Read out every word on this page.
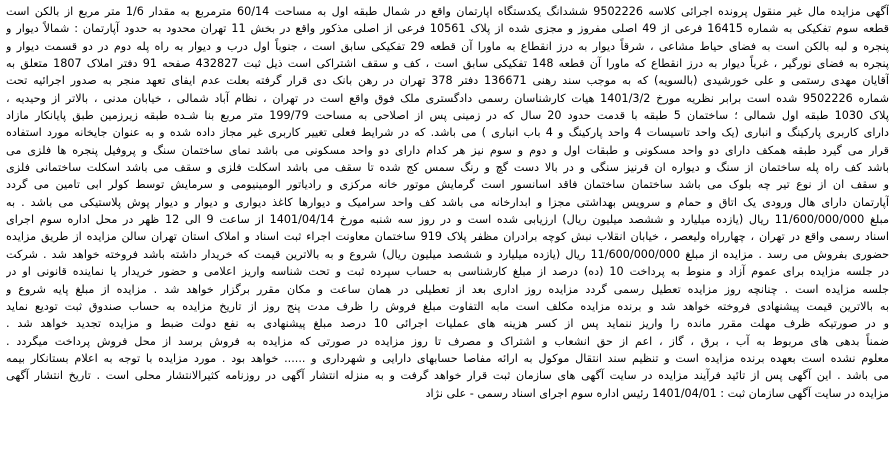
آگهی مزایده مال غیر منقول پرونده اجرائی کلاسه 9502226 ششدانگ یکدستگاه اپارتمان واقع در شمال طبقه اول به مساحت 60/14 مترمربع به مقدار 1/6 متر مربع از بالکن است
قطعه سوم تفکیکی به شماره 16415 فرعی از 49 اصلی مفروز و مجزی شده از پلاک 10561 فرعی از اصلی مذکور واقع در بخش 11 تهران محدود به حدود آپارتمان : شمالاً دیوار و
پنجره و لبه بالکن است به فضای حیاط مشاعی ، شرقاً دیوار به درز انقطاع به ماورا آن قطعه 29 تفکیکی سابق است ، جنوباً اول درب و دیوار به راه پله دوم در دو قسمت دیوار و
پنجره به فضای نورگیر ، غرباً دیوار به درز انقطاع که ماورا آن قطعه 148 تفکیکی سابق است ، کف و سقف اشتراکی است ذیل ثبت 432827 صفحه 91 دفتر املاک 1807 متعلق به
آقایان مهدی رستمی و علی خورشیدی (بالسویه) که به موجب سند رهنی 136671 دفتر 378 تهران در رهن بانک دی قرار گرفته بعلت عدم ایفای تعهد منجر به صدور اجرائیه تحت
شماره 9502226 شده است برابر نظریه مورخ 1401/3/2 هیات کارشناسان رسمی دادگستری ملک فوق واقع است در تهران ، نظام آباد شمالی ، خیابان مدنی ، بالاتر از وحیدیه ،
پلاک 1030 طبقه اول شمالی ؛ ساختمان 5 طبقه با قدمت حدود 20 سال که در زمینی پس از اصلاحی به مساحت 199/79 متر مربع بنا شـده طبقه زیرزمین طبق پایانکار مازاد
دارای کاربری پارکینگ و انباری (یک واحد تاسیسات 4 واحد پارکینگ و 4 باب انباری ) می باشد. که در شرایط فعلی تغییر کاربری غیر مجاز داده شده و به عنوان جایخانه مورد استفاده
قرار می گیرد طبقه همکف دارای دو واحد مسکونی و طبقات اول و دوم و سوم نیز هر کدام دارای دو واحد مسکونی می باشد نمای ساختمان سنگ و پروفیل پنجره ها فلزی می
باشد کف راه پله ساختمان از سنگ و دیواره ان قرنیز سنگی و در بالا دست گچ و رنگ سمس کج شده تا سقف می باشد اسکلت فلزی و سقف می باشد اسکلت ساختمانی فلزی
و سقف ان از نوع تیر چه بلوک می باشد ساختمان ساختمان فاقد اسانسور است گرمایش موتور خانه مرکزی و رادیاتور الومینیومی و سرمایش توسط کولر ابی تامین می گردد
آپارتمان دارای هال ورودی یک اتاق و حمام و سرویس بهداشتی مجزا و ابدارخانه می باشد کف واحد سرامیک و دیوارها کاغذ دیواری و دیوار و دیوار پوش پلاستیکی می باشد . به
مبلغ 11/600/000/000 ریال (یازده میلیارد و ششصد میلیون ریال) ارزیابی شده است و در روز سه شنبه مورخ 1401/04/14 از ساعت 9 الی 12 ظهر در محل اداره سوم اجرای
اسناد رسمی واقع در تهران ، چهارراه ولیعصر ، خیابان انقلاب نبش کوچه برادران مظفر پلاک 919 ساختمان معاونت اجراء ثبت اسناد و املاک استان تهران سالن مزایده از طریق مزایده
حضوری بفروش می رسد . مزایده از مبلغ 11/600/000/000 ریال (یازده میلیارد و ششصد میلیون ریال) شروع و به بالاترین قیمت که خریدار داشته باشد فروخته خواهد شد . شرکت
در جلسه مزایده برای عموم آزاد و منوط به پرداخت 10 (ده) درصد از مبلغ کارشناسی به حساب سپرده ثبت و تحت شناسه واریز اعلامی و حضور خریدار یا نماینده قانونی او در
جلسه مزایده است . چنانچه روز مزایده تعطیل رسمی گردد مزایده روز اداری بعد از تعطیلی در همان ساعت و مکان مقرر برگزار خواهد شد . مزایده از مبلغ پایه شروع و
به بالاترین قیمت پیشنهادی فروخته خواهد شد و برنده مزایده مکلف است مابه التفاوت مبلغ فروش را ظرف مدت پنج روز از تاریخ مزایده به حساب صندوق ثبت تودیع نماید
و در صورتیکه ظرف مهلت مقرر مانده را واریز ننماید پس از کسر هزینه های عملیات اجرائی 10 درصد مبلغ پیشنهادی به نفع دولت ضبط و مزایده تجدید خواهد شد .
ضمناً بدهی های مربوط به آب ، برق ، گاز ، اعم از حق انشعاب و اشتراک و مصرف تا روز مزایده در صورتی که مزایده به فروش برسد از محل فروش پرداخت میگردد .
معلوم نشده است بعهده برنده مزایده است و تنظیم سند انتقال موکول به ارائه مفاصا حسابهای دارایی و شهرداری و ...... خواهد بود . مورد مزایده با توجه به اعلام بستانکار بیمه
می باشد . این آگهی پس از تائید فرآیند مزایده در سایت آگهی های سازمان ثبت قرار خواهد گرفت و به منزله انتشار آگهی در روزنامه کثیرالانتشار محلی است . تاریخ انتشار آگهی
مزایده در سایت آگهی سازمان ثبت : 1401/04/01 رئیس اداره سوم اجرای اسناد رسمی - علی نژاد
